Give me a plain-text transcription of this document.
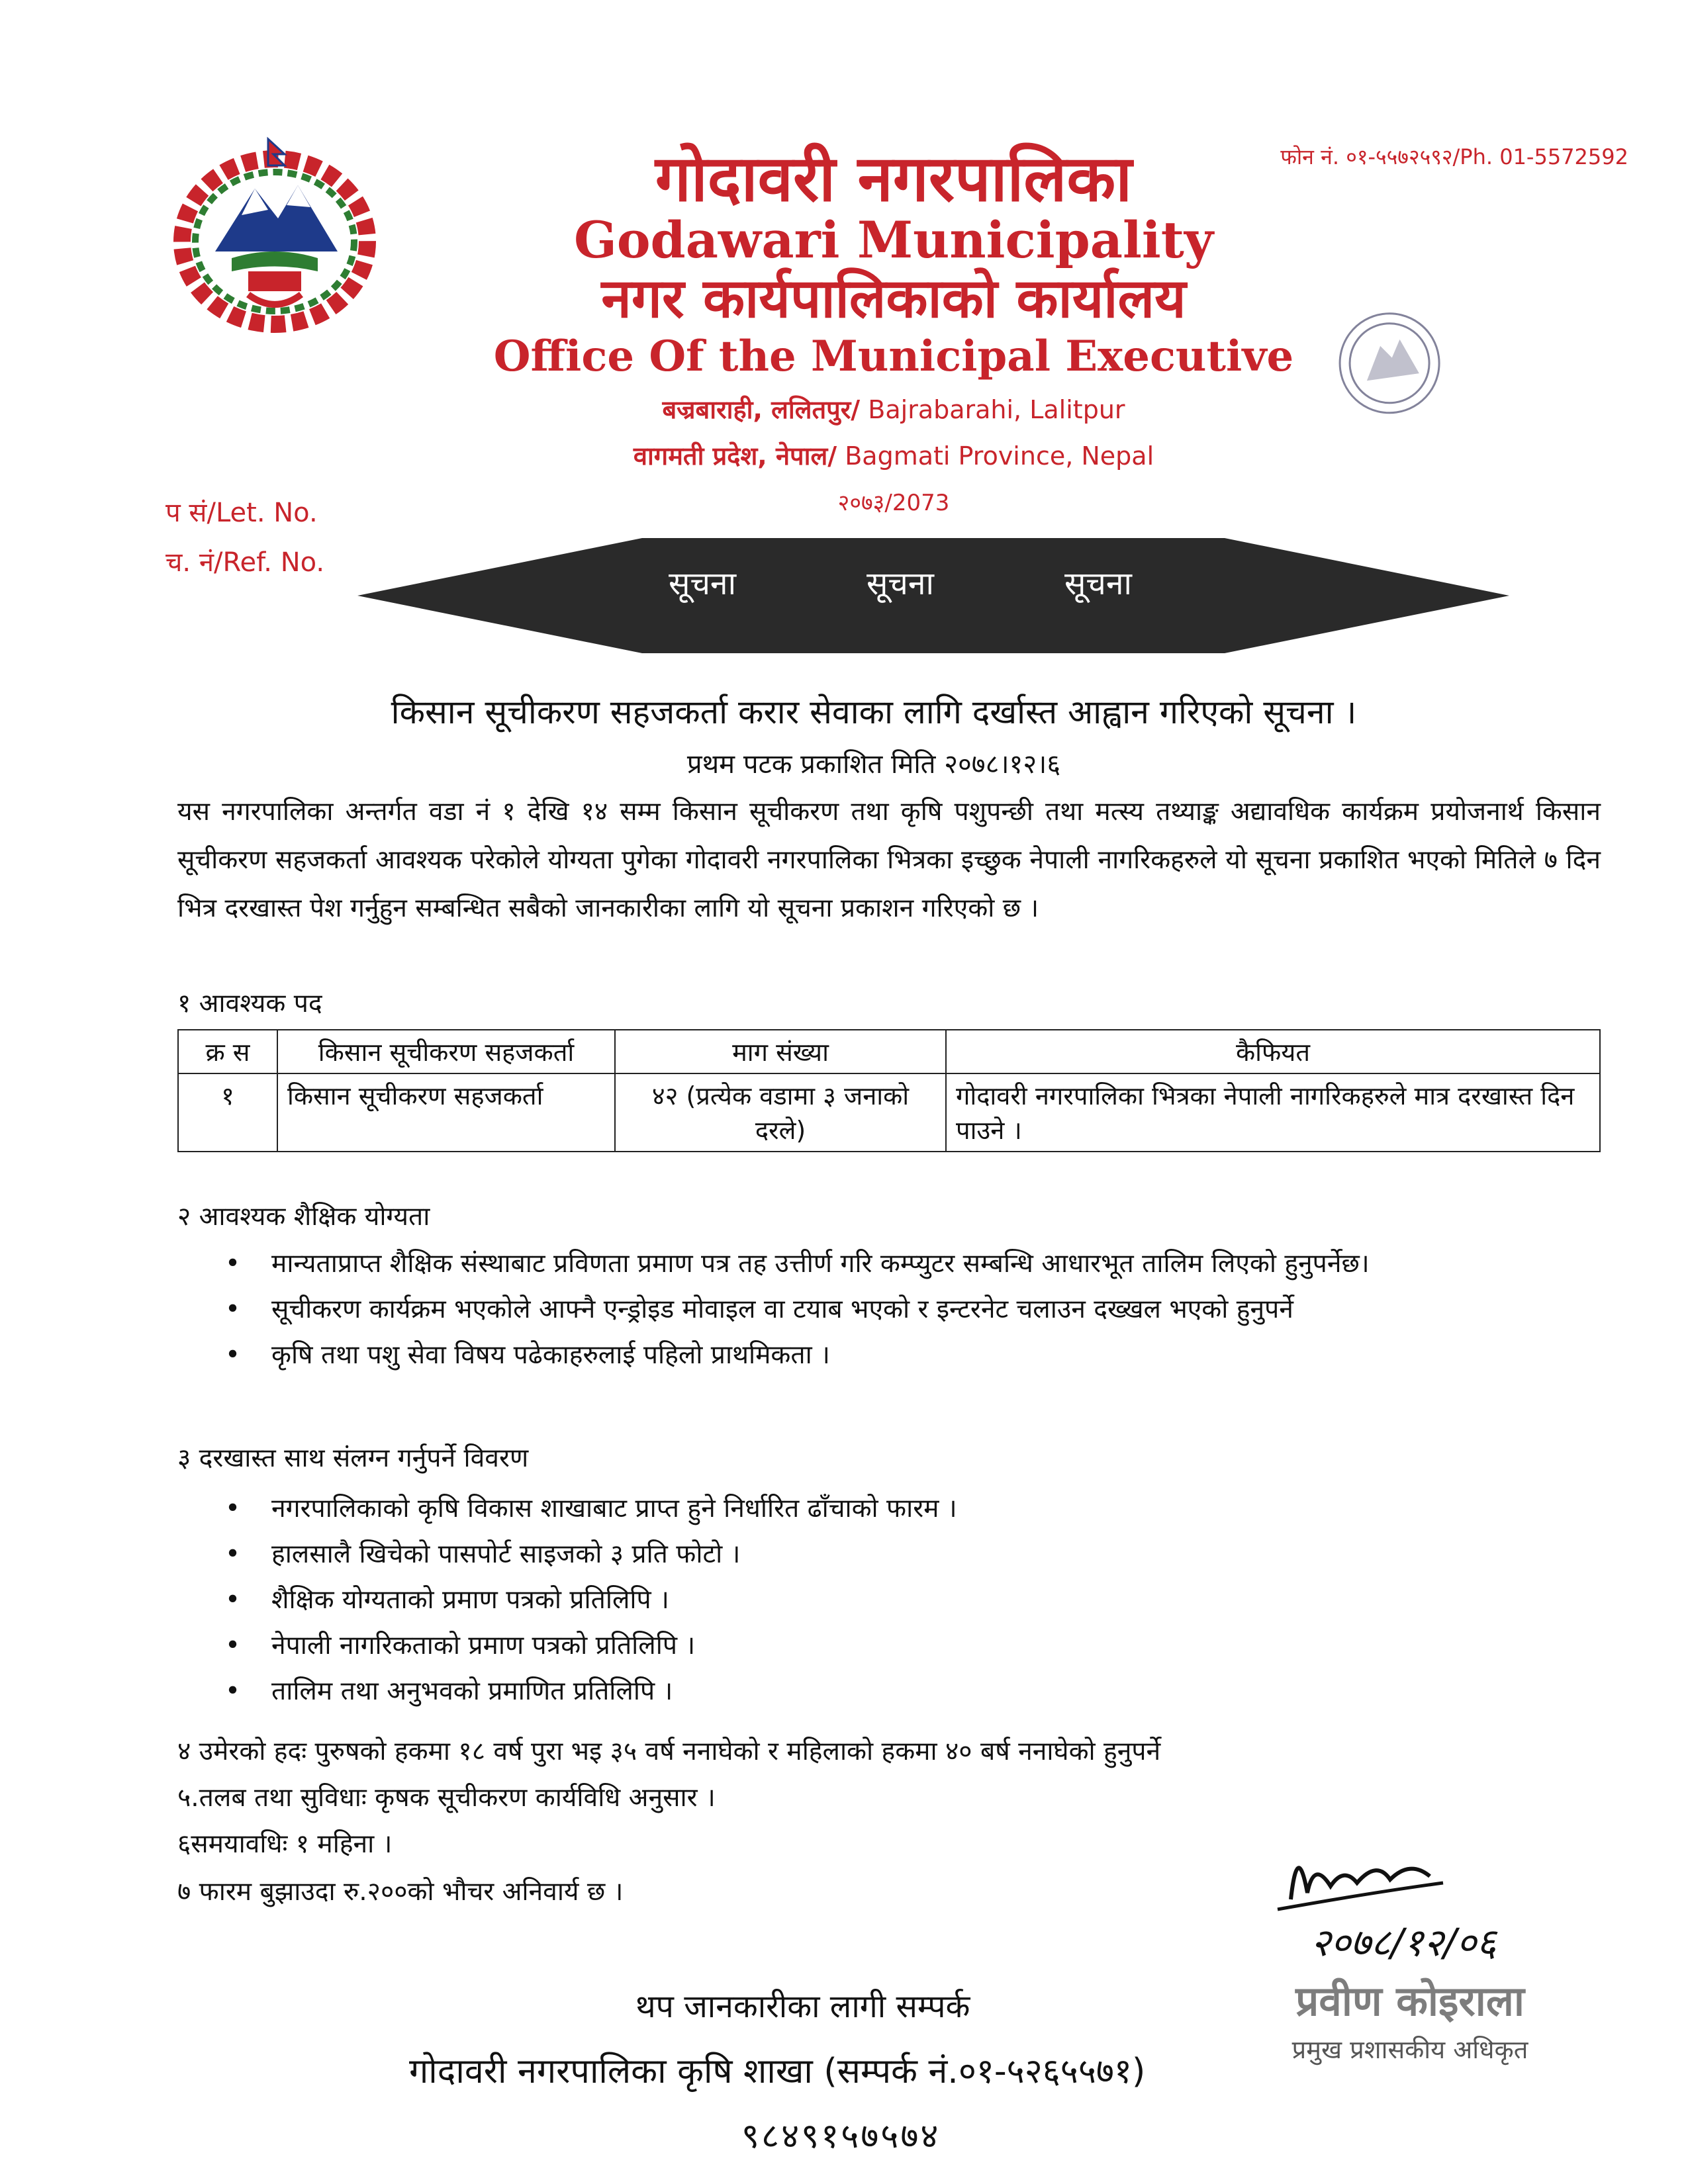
गोदावरी नगरपालिका
Godawari Municipality
नगर कार्यपालिकाको कार्यालय
Office Of the Municipal Executive
बज्रबाराही, ललितपुर/ Bajrabarahi, Lalitpur
वागमती प्रदेश, नेपाल/ Bagmati Province, Nepal
२०७३/2073
फोन नं. ०१-५५७२५९२/Ph. 01-5572592
प सं/Let. No.
च. नं/Ref. No.
सूचना	सूचना	सूचना
किसान सूचीकरण सहजकर्ता करार सेवाका लागि दर्खास्त आह्वान गरिएको सूचना ।
प्रथम पटक प्रकाशित मिति २०७८।१२।६
यस नगरपालिका अन्तर्गत वडा नं १ देखि १४ सम्म किसान सूचीकरण तथा कृषि पशुपन्छी तथा मत्स्य तथ्याङ्क अद्यावधिक कार्यक्रम प्रयोजनार्थ किसान सूचीकरण सहजकर्ता आवश्यक परेकोले योग्यता पुगेका गोदावरी नगरपालिका भित्रका इच्छुक नेपाली नागरिकहरुले यो सूचना प्रकाशित भएको मितिले ७ दिन भित्र दरखास्त पेश गर्नुहुन सम्बन्धित सबैको जानकारीका लागि यो सूचना प्रकाशन गरिएको छ ।
१ आवश्यक पद
क्र स	किसान सूचीकरण सहजकर्ता	माग संख्या	कैफियत
१	किसान सूचीकरण सहजकर्ता	४२ (प्रत्येक वडामा ३ जनाको दरले)	गोदावरी नगरपालिका भित्रका नेपाली नागरिकहरुले मात्र दरखास्त दिन पाउने ।
२ आवश्यक शैक्षिक योग्यता
• मान्यताप्राप्त शैक्षिक संस्थाबाट प्रविणता प्रमाण पत्र तह उत्तीर्ण गरि कम्प्युटर सम्बन्धि आधारभूत तालिम लिएको हुनुपर्नेछ।
• सूचीकरण कार्यक्रम भएकोले आफ्नै एन्ड्रोइड मोवाइल वा टयाब भएको र इन्टरनेट चलाउन दख्खल भएको हुनुपर्ने
• कृषि तथा पशु सेवा विषय पढेकाहरुलाई पहिलो प्राथमिकता ।
३ दरखास्त साथ संलग्न गर्नुपर्ने विवरण
• नगरपालिकाको कृषि विकास शाखाबाट प्राप्त हुने निर्धारित ढाँचाको फारम ।
• हालसालै खिचेको पासपोर्ट साइजको ३ प्रति फोटो ।
• शैक्षिक योग्यताको प्रमाण पत्रको प्रतिलिपि ।
• नेपाली नागरिकताको प्रमाण पत्रको प्रतिलिपि ।
• तालिम तथा अनुभवको प्रमाणित प्रतिलिपि ।
४ उमेरको हदः पुरुषको हकमा १८ वर्ष पुरा भइ ३५ वर्ष ननाघेको र महिलाको हकमा ४० बर्ष ननाघेको हुनुपर्ने
५.तलब तथा सुविधाः कृषक सूचीकरण कार्यविधि अनुसार ।
६समयावधिः १ महिना ।
७ फारम बुझाउदा रु.२००को भौचर अनिवार्य छ ।
२०७८/१२/०६
प्रवीण कोइराला
प्रमुख प्रशासकीय अधिकृत
थप जानकारीका लागी सम्पर्क
गोदावरी नगरपालिका कृषि शाखा (सम्पर्क नं.०१-५२६५५७१)
९८४९१५७५७४
